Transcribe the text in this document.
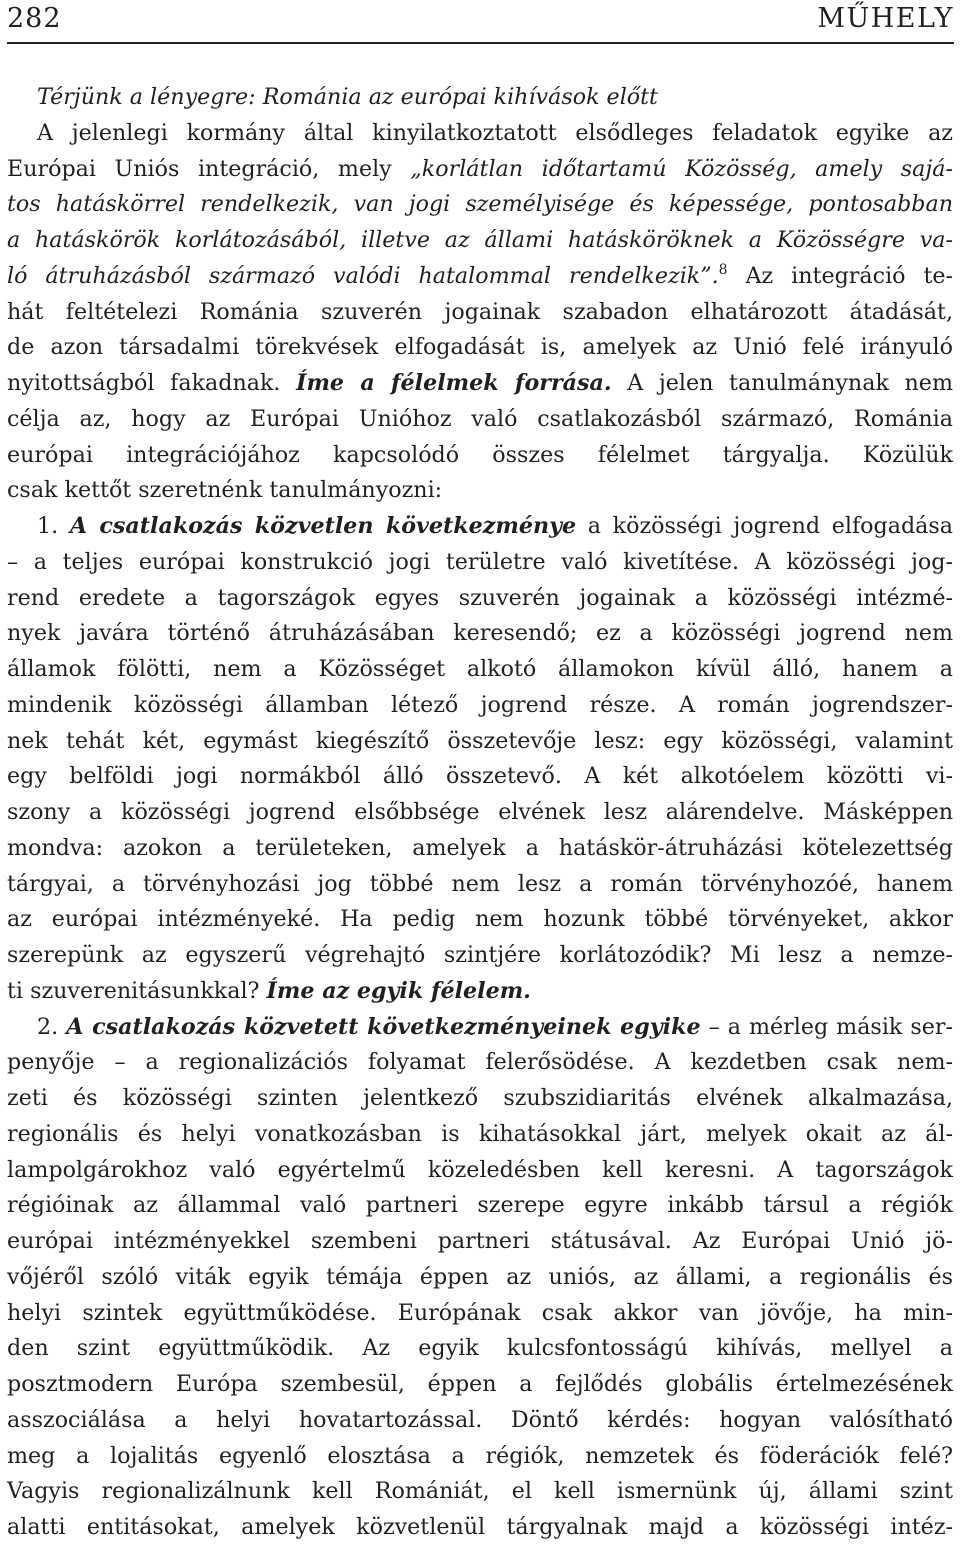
282	MŰHELY
Térjünk a lényegre: Románia az európai kihívások előtt
A jelenlegi kormány által kinyilatkoztatott elsődleges feladatok egyike az
Európai Uniós integráció, mely „korlátlan időtartamú Közösség, amely sajá-
tos hatáskörrel rendelkezik, van jogi személyisége és képessége, pontosabban
a hatáskörök korlátozásából, illetve az állami hatásköröknek a Közösségre va-
ló átruházásból származó valódi hatalommal rendelkezik”.$^8$ Az integráció te-
hát feltételezi Románia szuverén jogainak szabadon elhatározott átadását,
de azon társadalmi törekvések elfogadását is, amelyek az Unió felé irányuló
nyitottságból fakadnak. Íme a félelmek forrása. A jelen tanulmánynak nem
célja az, hogy az Európai Unióhoz való csatlakozásból származó, Románia
európai integrációjához kapcsolódó összes félelmet tárgyalja. Közülük
csak kettőt szeretnénk tanulmányozni:
1. A csatlakozás közvetlen következménye a közösségi jogrend elfogadása
– a teljes európai konstrukció jogi területre való kivetítése. A közösségi jog-
rend eredete a tagországok egyes szuverén jogainak a közösségi intézmé-
nyek javára történő átruházásában keresendő; ez a közösségi jogrend nem
államok fölötti, nem a Közösséget alkotó államokon kívül álló, hanem a
mindenik közösségi államban létező jogrend része. A román jogrendszer-
nek tehát két, egymást kiegészítő összetevője lesz: egy közösségi, valamint
egy belföldi jogi normákból álló összetevő. A két alkotóelem közötti vi-
szony a közösségi jogrend elsőbbsége elvének lesz alárendelve. Másképpen
mondva: azokon a területeken, amelyek a hatáskör-átruházási kötelezettség
tárgyai, a törvényhozási jog többé nem lesz a román törvényhozóé, hanem
az európai intézményeké. Ha pedig nem hozunk többé törvényeket, akkor
szerepünk az egyszerű végrehajtó szintjére korlátozódik? Mi lesz a nemze-
ti szuverenitásunkkal? Íme az egyik félelem.
2. A csatlakozás közvetett következményeinek egyike – a mérleg másik ser-
penyője – a regionalizációs folyamat felerősödése. A kezdetben csak nem-
zeti és közösségi szinten jelentkező szubszidiaritás elvének alkalmazása,
regionális és helyi vonatkozásban is kihatásokkal járt, melyek okait az ál-
lampolgárokhoz való egyértelmű közeledésben kell keresni. A tagországok
régióinak az állammal való partneri szerepe egyre inkább társul a régiók
európai intézményekkel szembeni partneri státusával. Az Európai Unió jö-
vőjéről szóló viták egyik témája éppen az uniós, az állami, a regionális és
helyi szintek együttműködése. Európának csak akkor van jövője, ha min-
den szint együttműködik. Az egyik kulcsfontosságú kihívás, mellyel a
posztmodern Európa szembesül, éppen a fejlődés globális értelmezésének
asszociálása a helyi hovatartozással. Döntő kérdés: hogyan valósítható
meg a lojalitás egyenlő elosztása a régiók, nemzetek és föderációk felé?
Vagyis regionalizálnunk kell Romániát, el kell ismernünk új, állami szint
alatti entitásokat, amelyek közvetlenül tárgyalnak majd a közösségi intéz-
